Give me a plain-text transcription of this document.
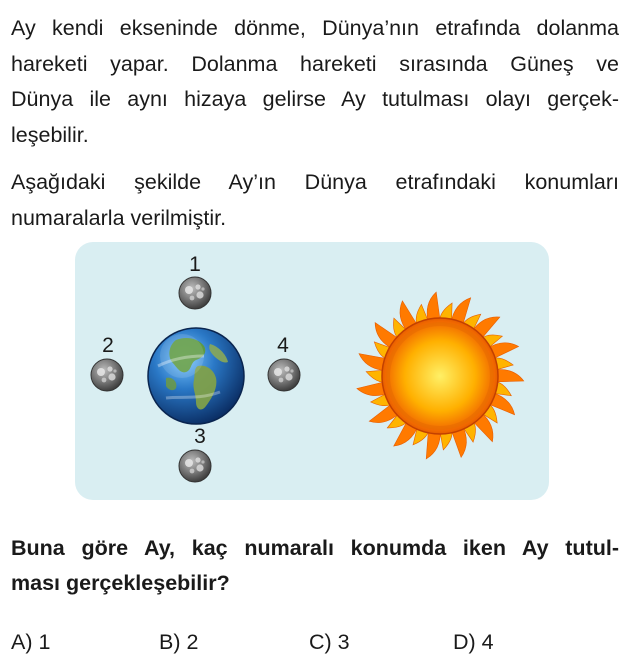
Ay kendi ekseninde dönme, Dünya’nın etrafında dolanma
hareketi yapar. Dolanma hareketi sırasında Güneş ve
Dünya ile aynı hizaya gelirse Ay tutulması olayı gerçek-
leşebilir.
Aşağıdaki şekilde Ay’ın Dünya etrafındaki konumları
numaralarla verilmiştir.
1
2
3
4
Buna göre Ay, kaç numaralı konumda iken Ay tutul-
ması gerçekleşebilir?
A) 1	B) 2	C) 3	D) 4
